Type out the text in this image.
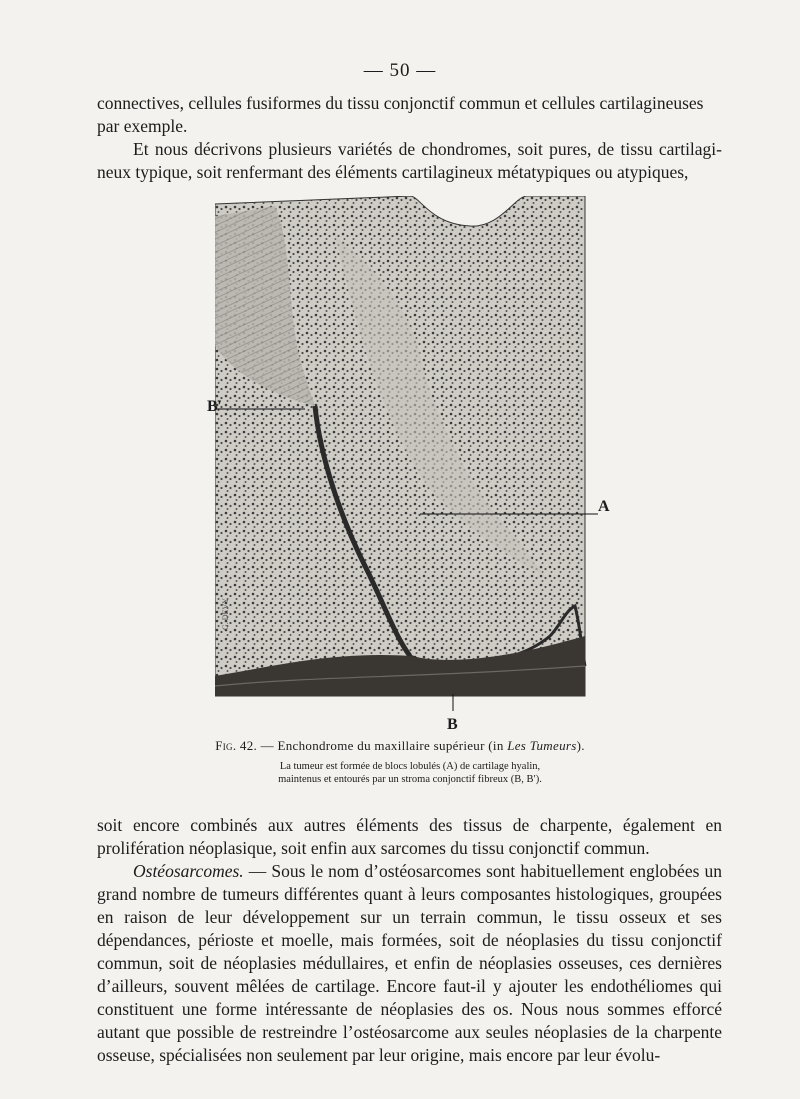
— 50 —

connectives, cellules fusiformes du tissu conjonctif commun et cellules cartilagineuses

par exemple.

Et nous décrivons plusieurs variétés de chondromes, soit pures, de tissu cartilagi-neux typique, soit renfermant des éléments cartilagineux métatypiques ou atypiques,

B′
A
B
G. DEVY
Fig. 42. — Enchondrome du maxillaire supérieur (in Les Tumeurs).
La tumeur est formée de blocs lobulés (A) de cartilage hyalin, maintenus et entourés par un stroma conjonctif fibreux (B, B′).

soit encore combinés aux autres éléments des tissus de charpente, également en prolifération néoplasique, soit enfin aux sarcomes du tissu conjonctif commun.

Ostéosarcomes. — Sous le nom d’ostéosarcomes sont habituellement englobées un grand nombre de tumeurs différentes quant à leurs composantes histologiques, groupées en raison de leur développement sur un terrain commun, le tissu osseux et ses dépendances, périoste et moelle, mais formées, soit de néoplasies du tissu conjonctif commun, soit de néoplasies médullaires, et enfin de néoplasies osseuses, ces dernières d’ailleurs, souvent mêlées de cartilage. Encore faut-il y ajouter les endothéliomes qui constituent une forme intéressante de néoplasies des os. Nous nous sommes efforcé autant que possible de restreindre l’ostéosarcome aux seules néoplasies de la charpente osseuse, spécialisées non seulement par leur origine, mais encore par leur évolu-
